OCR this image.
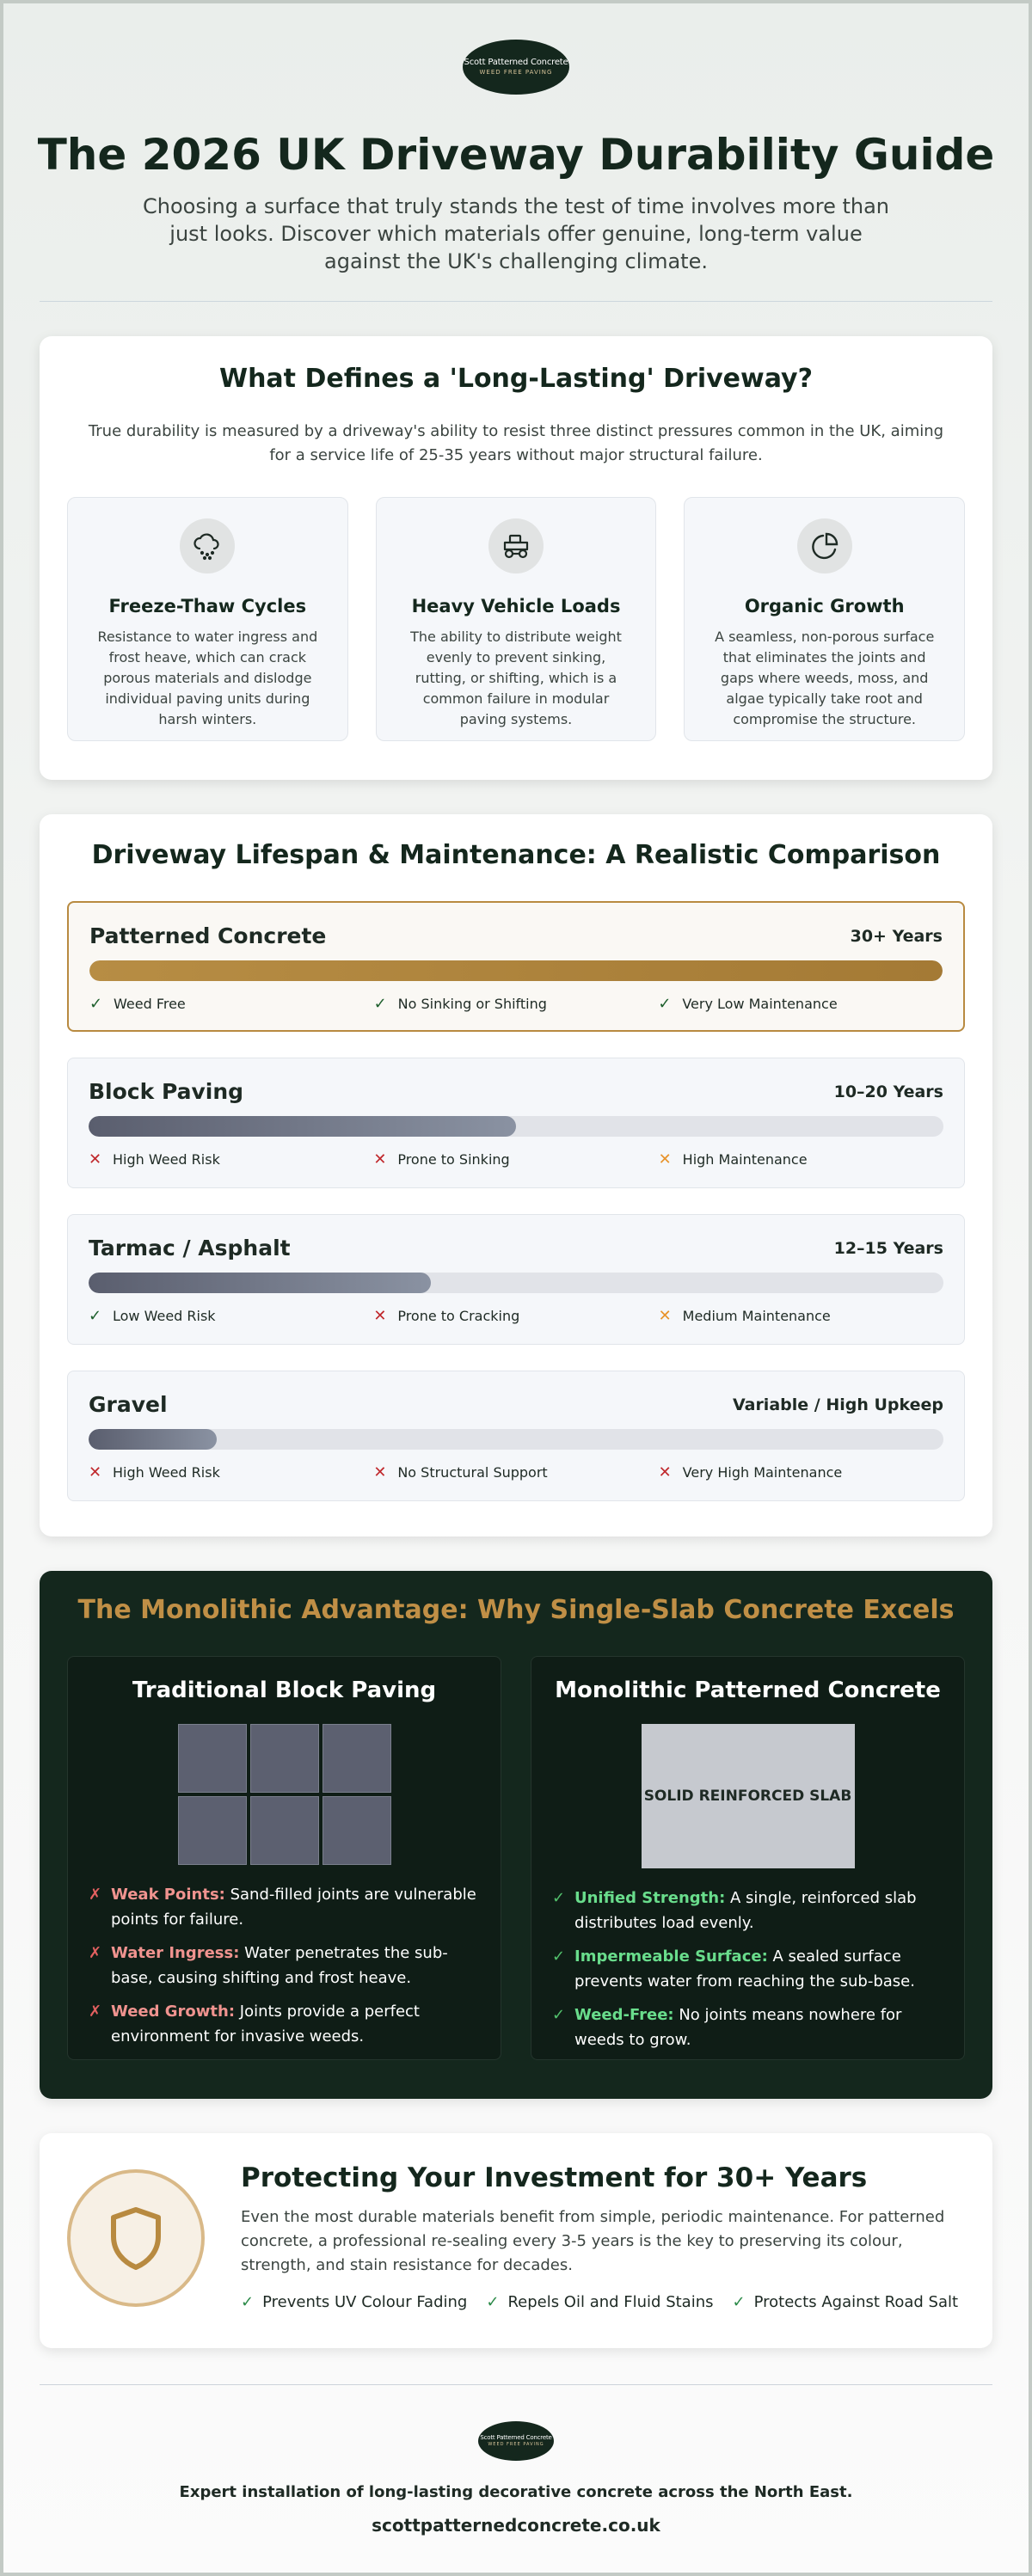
Scott Patterned Concrete
WEED FREE PAVING
The 2026 UK Driveway Durability Guide

Choosing a surface that truly stands the test of time involves more than just looks. Discover which materials offer genuine, long-term value against the UK's challenging climate.

What Defines a 'Long-Lasting' Driveway?

True durability is measured by a driveway's ability to resist three distinct pressures common in the UK, aiming for a service life of 25-35 years without major structural failure.

Freeze-Thaw Cycles

Resistance to water ingress and frost heave, which can crack porous materials and dislodge individual paving units during harsh winters.

Heavy Vehicle Loads

The ability to distribute weight evenly to prevent sinking, rutting, or shifting, which is a common failure in modular paving systems.

Organic Growth

A seamless, non-porous surface that eliminates the joints and gaps where weeds, moss, and algae typically take root and compromise the structure.

Driveway Lifespan & Maintenance: A Realistic Comparison
Patterned Concrete	30+ Years
✓ Weed Free	✓ No Sinking or Shifting	✓ Very Low Maintenance
Block Paving	10–20 Years
✕ High Weed Risk	✕ Prone to Sinking	✕ High Maintenance
Tarmac / Asphalt	12–15 Years
✓ Low Weed Risk	✕ Prone to Cracking	✕ Medium Maintenance
Gravel	Variable / High Upkeep
✕ High Weed Risk	✕ No Structural Support	✕ Very High Maintenance
The Monolithic Advantage: Why Single-Slab Concrete Excels
Traditional Block Paving
✗ Weak Points: Sand-filled joints are vulnerable points for failure.
✗ Water Ingress: Water penetrates the sub-base, causing shifting and frost heave.
✗ Weed Growth: Joints provide a perfect environment for invasive weeds.
Monolithic Patterned Concrete
SOLID REINFORCED SLAB
✓ Unified Strength: A single, reinforced slab distributes load evenly.
✓ Impermeable Surface: A sealed surface prevents water from reaching the sub-base.
✓ Weed-Free: No joints means nowhere for weeds to grow.
Protecting Your Investment for 30+ Years

Even the most durable materials benefit from simple, periodic maintenance. For patterned concrete, a professional re-sealing every 3-5 years is the key to preserving its colour, strength, and stain resistance for decades.

✓ Prevents UV Colour Fading ✓ Repels Oil and Fluid Stains ✓ Protects Against Road Salt
Scott Patterned Concrete
WEED FREE PAVING

Expert installation of long-lasting decorative concrete across the North East.

scottpatternedconcrete.co.uk
